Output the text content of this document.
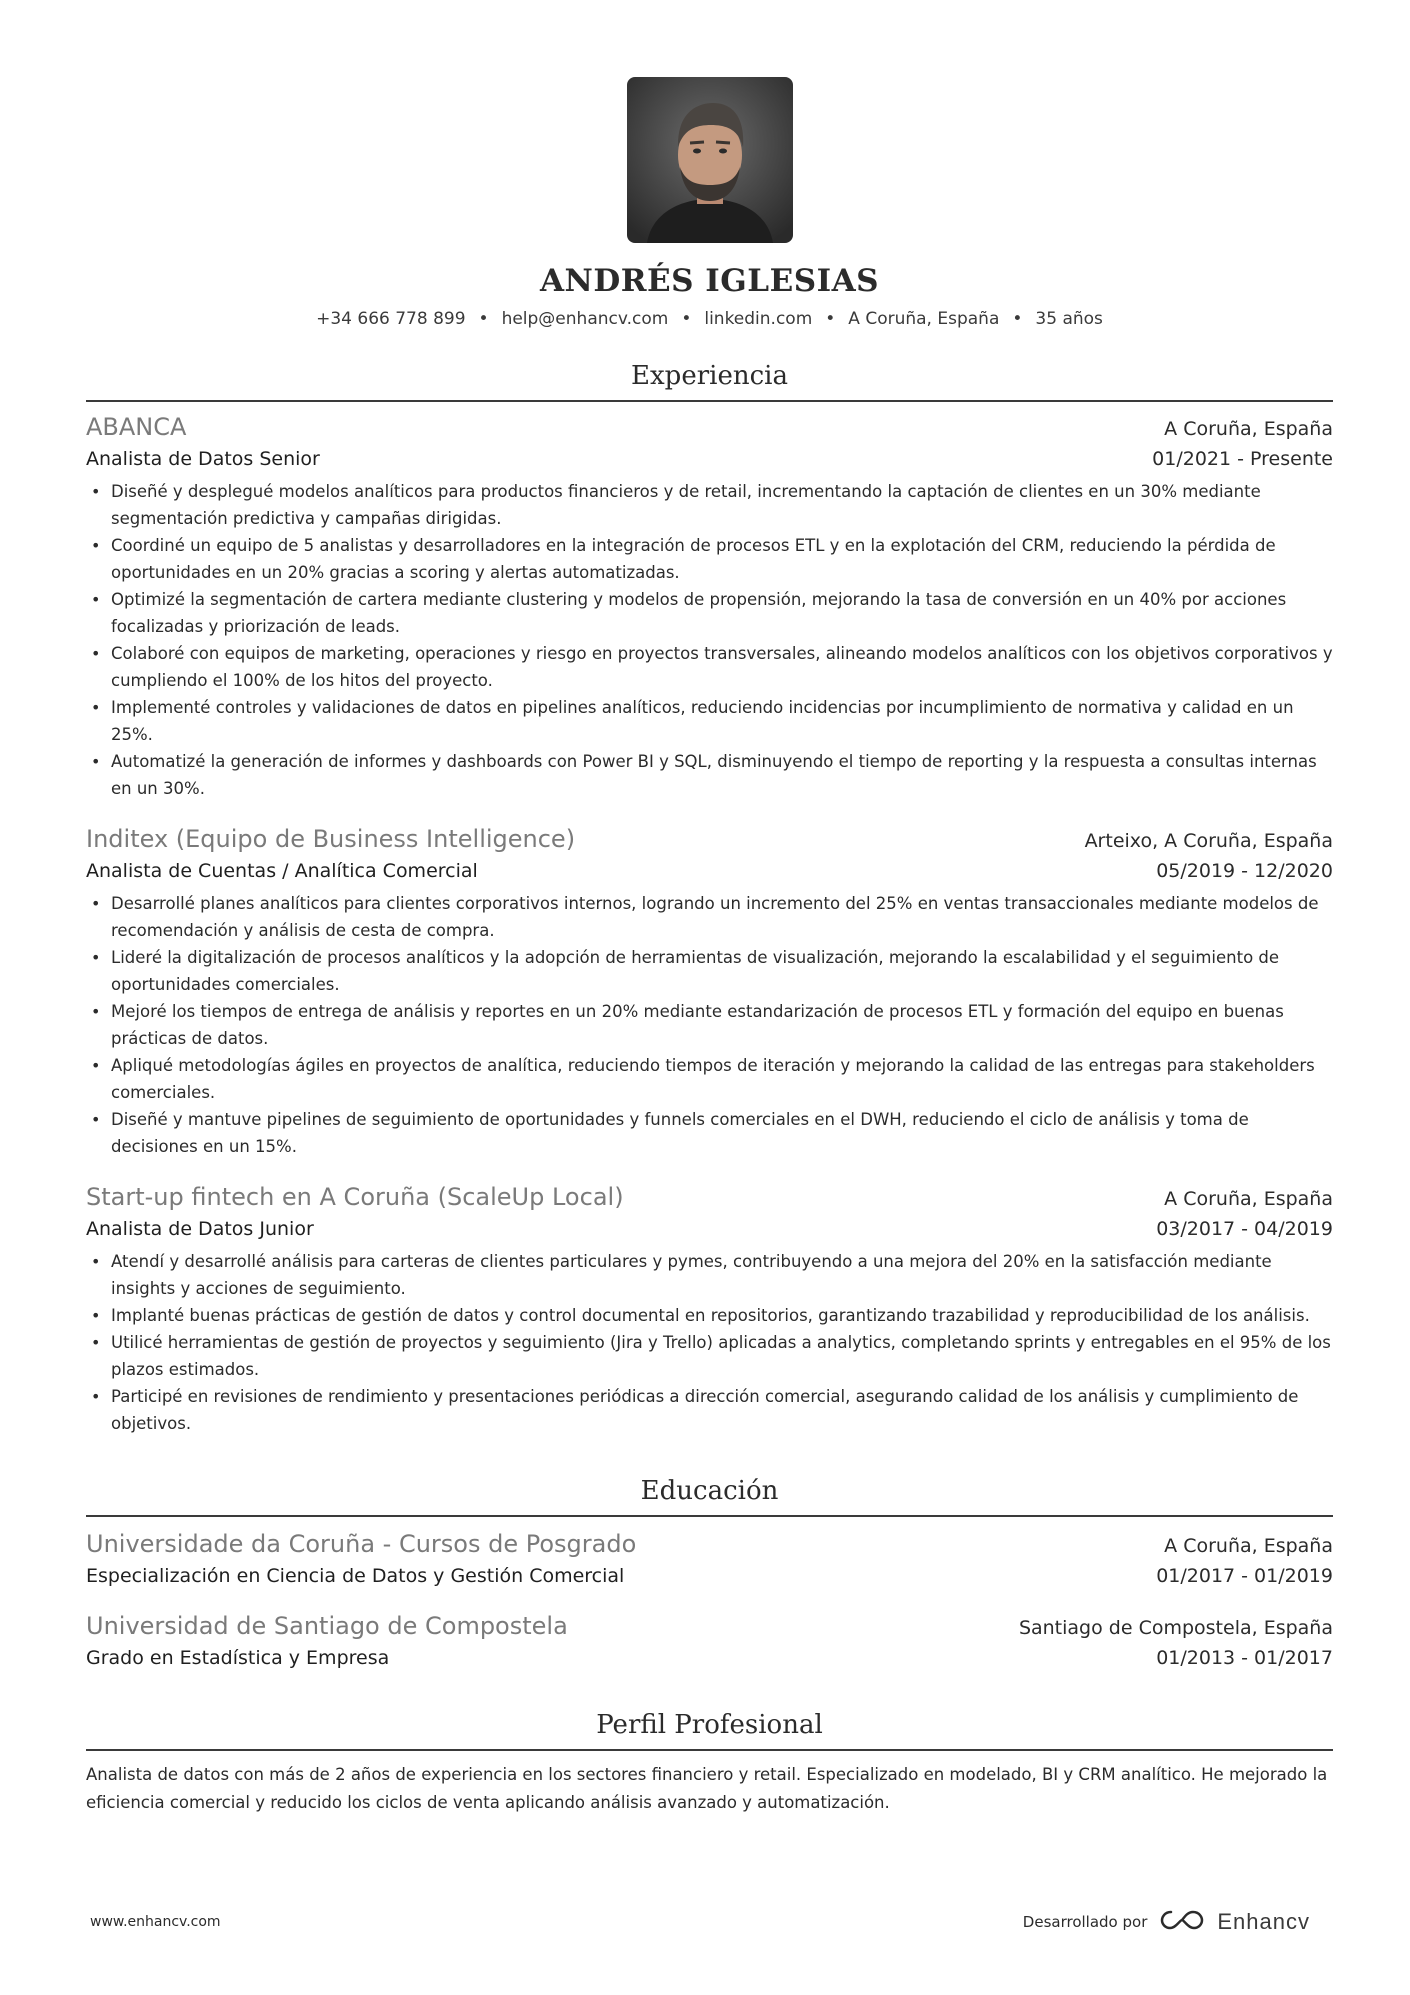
ANDRÉS IGLESIAS
+34 666 778 899 • help@enhancv.com • linkedin.com • A Coruña, España • 35 años
Experiencia
ABANCA	A Coruña, España
Analista de Datos Senior	01/2021 - Presente
• Diseñé y desplegué modelos analíticos para productos financieros y de retail, incrementando la captación de clientes en un 30% mediante segmentación predictiva y campañas dirigidas.
• Coordiné un equipo de 5 analistas y desarrolladores en la integración de procesos ETL y en la explotación del CRM, reduciendo la pérdida de oportunidades en un 20% gracias a scoring y alertas automatizadas.
• Optimizé la segmentación de cartera mediante clustering y modelos de propensión, mejorando la tasa de conversión en un 40% por acciones focalizadas y priorización de leads.
• Colaboré con equipos de marketing, operaciones y riesgo en proyectos transversales, alineando modelos analíticos con los objetivos corporativos y cumpliendo el 100% de los hitos del proyecto.
• Implementé controles y validaciones de datos en pipelines analíticos, reduciendo incidencias por incumplimiento de normativa y calidad en un 25%.
• Automatizé la generación de informes y dashboards con Power BI y SQL, disminuyendo el tiempo de reporting y la respuesta a consultas internas en un 30%.
Inditex (Equipo de Business Intelligence)	Arteixo, A Coruña, España
Analista de Cuentas / Analítica Comercial	05/2019 - 12/2020
• Desarrollé planes analíticos para clientes corporativos internos, logrando un incremento del 25% en ventas transaccionales mediante modelos de recomendación y análisis de cesta de compra.
• Lideré la digitalización de procesos analíticos y la adopción de herramientas de visualización, mejorando la escalabilidad y el seguimiento de oportunidades comerciales.
• Mejoré los tiempos de entrega de análisis y reportes en un 20% mediante estandarización de procesos ETL y formación del equipo en buenas prácticas de datos.
• Apliqué metodologías ágiles en proyectos de analítica, reduciendo tiempos de iteración y mejorando la calidad de las entregas para stakeholders comerciales.
• Diseñé y mantuve pipelines de seguimiento de oportunidades y funnels comerciales en el DWH, reduciendo el ciclo de análisis y toma de decisiones en un 15%.
Start-up fintech en A Coruña (ScaleUp Local)	A Coruña, España
Analista de Datos Junior	03/2017 - 04/2019
• Atendí y desarrollé análisis para carteras de clientes particulares y pymes, contribuyendo a una mejora del 20% en la satisfacción mediante insights y acciones de seguimiento.
• Implanté buenas prácticas de gestión de datos y control documental en repositorios, garantizando trazabilidad y reproducibilidad de los análisis.
• Utilicé herramientas de gestión de proyectos y seguimiento (Jira y Trello) aplicadas a analytics, completando sprints y entregables en el 95% de los plazos estimados.
• Participé en revisiones de rendimiento y presentaciones periódicas a dirección comercial, asegurando calidad de los análisis y cumplimiento de objetivos.
Educación
Universidade da Coruña - Cursos de Posgrado	A Coruña, España
Especialización en Ciencia de Datos y Gestión Comercial	01/2017 - 01/2019
Universidad de Santiago de Compostela	Santiago de Compostela, España
Grado en Estadística y Empresa	01/2013 - 01/2017
Perfil Profesional
Analista de datos con más de 2 años de experiencia en los sectores financiero y retail. Especializado en modelado, BI y CRM analítico. He mejorado la eficiencia comercial y reducido los ciclos de venta aplicando análisis avanzado y automatización.
www.enhancv.com	Desarrollado por	Enhancv
